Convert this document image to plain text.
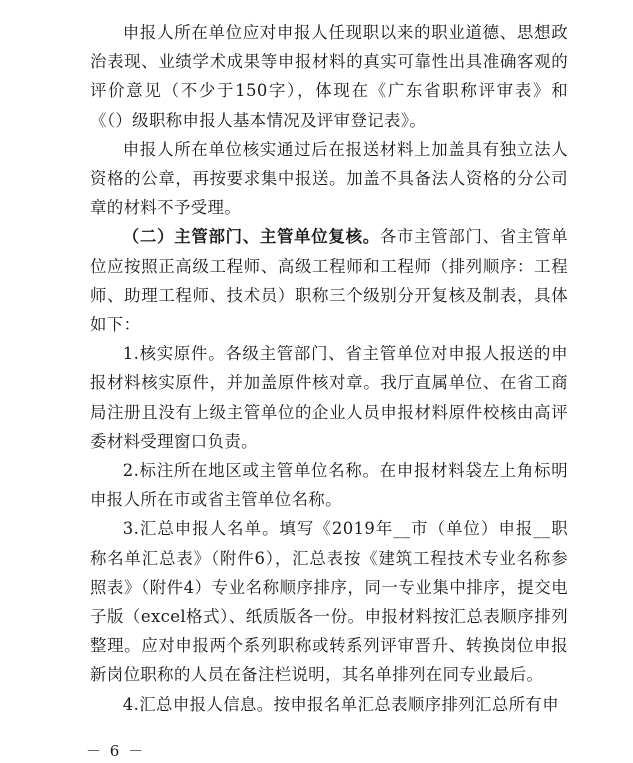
申报人所在单位应对申报人任现职以来的职业道德、思想政治表现、业绩学术成果等申报材料的真实可靠性出具准确客观的评价意见（不少于150字），体现在《广东省职称评审表》和《（）级职称申报人基本情况及评审登记表》。

申报人所在单位核实通过后在报送材料上加盖具有独立法人资格的公章，再按要求集中报送。加盖不具备法人资格的分公司章的材料不予受理。

（二）主管部门、主管单位复核。各市主管部门、省主管单位应按照正高级工程师、高级工程师和工程师（排列顺序：工程师、助理工程师、技术员）职称三个级别分开复核及制表，具体如下：

1.核实原件。各级主管部门、省主管单位对申报人报送的申报材料核实原件，并加盖原件核对章。我厅直属单位、在省工商局注册且没有上级主管单位的企业人员申报材料原件校核由高评委材料受理窗口负责。

2.标注所在地区或主管单位名称。在申报材料袋左上角标明申报人所在市或省主管单位名称。

3.汇总申报人名单。填写《2019年__市（单位）申报__职称名单汇总表》（附件6），汇总表按《建筑工程技术专业名称参照表》（附件4）专业名称顺序排序，同一专业集中排序，提交电子版（excel格式）、纸质版各一份。申报材料按汇总表顺序排列整理。应对申报两个系列职称或转系列评审晋升、转换岗位申报新岗位职称的人员在备注栏说明，其名单排列在同专业最后。

4.汇总申报人信息。按申报名单汇总表顺序排列汇总所有申

－ 6 －
